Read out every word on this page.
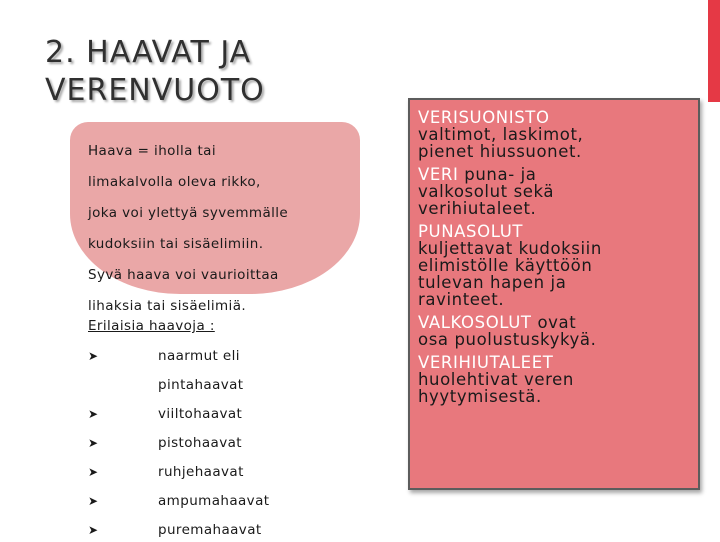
2. HAAVAT JA
VERENVUOTO
Haava = iholla tai
limakalvolla oleva rikko,
joka voi ylettyä syvemmälle
kudoksiin tai sisäelimiin.
Syvä haava voi vaurioittaa
lihaksia tai sisäelimiä.
Erilaisia haavoja :
➤	naarmut eli
pintahaavat
➤	viiltohaavat
➤	pistohaavat
➤	ruhjehaavat
➤	ampumahaavat
➤	puremahaavat
VERISUONISTO
valtimot, laskimot,
pienet hiussuonet.
VERI puna- ja
valkosolut sekä
verihiutaleet.
PUNASOLUT
kuljettavat kudoksiin
elimistölle käyttöön
tulevan hapen ja
ravinteet.
VALKOSOLUT ovat
osa puolustuskykyä.
VERIHIUTALEET
huolehtivat veren
hyytymisestä.
